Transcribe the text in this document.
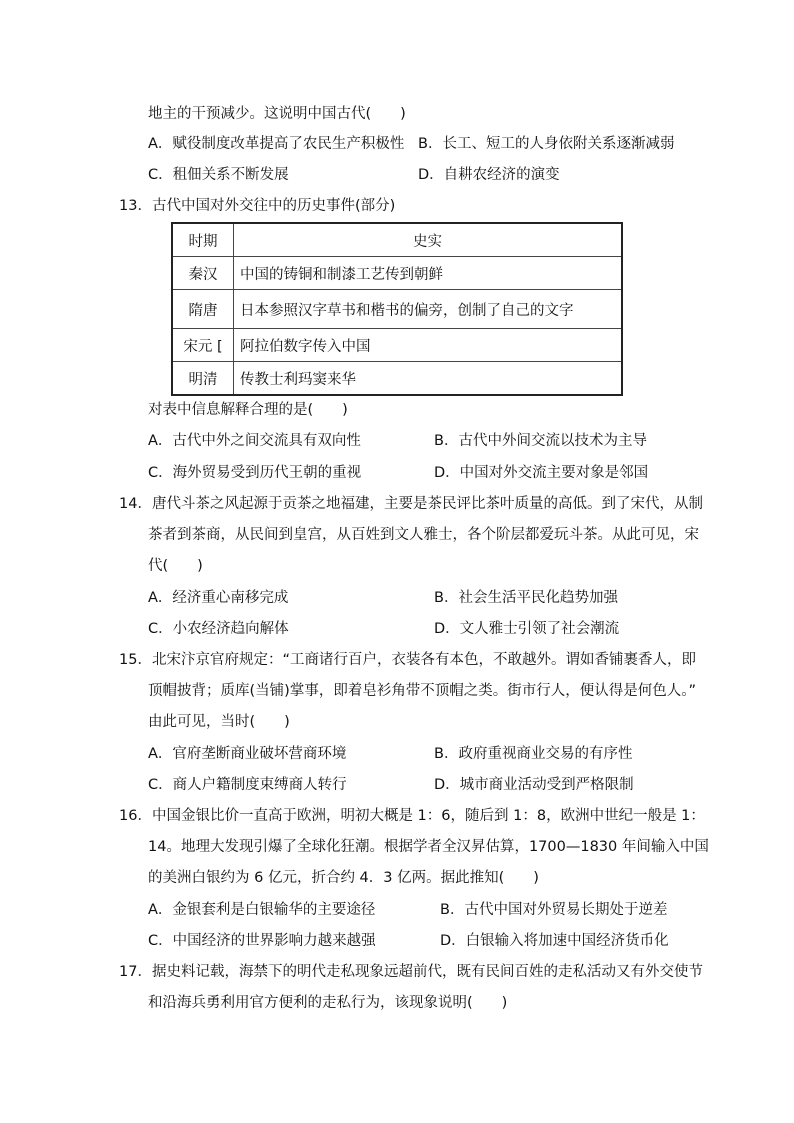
地主的干预减少。这说明中国古代(　　)
A．赋役制度改革提高了农民生产积极性 B．长工、短工的人身依附关系逐渐减弱
C．租佃关系不断发展	D．自耕农经济的演变
13．古代中国对外交往中的历史事件(部分)
时期	史实
秦汉	中国的铸铜和制漆工艺传到朝鲜
隋唐	日本参照汉字草书和楷书的偏旁，创制了自己的文字
宋元 [	阿拉伯数字传入中国
明清	传教士利玛窦来华
对表中信息解释合理的是(　　)
A．古代中外之间交流具有双向性	B．古代中外间交流以技术为主导
C．海外贸易受到历代王朝的重视	D．中国对外交流主要对象是邻国
14．唐代斗茶之风起源于贡茶之地福建，主要是茶民评比茶叶质量的高低。到了宋代，从制
茶者到茶商，从民间到皇宫，从百姓到文人雅士，各个阶层都爱玩斗茶。从此可见，宋
代(　　)
A．经济重心南移完成	B．社会生活平民化趋势加强
C．小农经济趋向解体	D．文人雅士引领了社会潮流
15．北宋汴京官府规定：“工商诸行百户，衣装各有本色，不敢越外。谓如香铺裹香人，即
顶帽披背；质库(当铺)掌事，即着皂衫角带不顶帽之类。街市行人，便认得是何色人。”
由此可见，当时(　　)
A．官府垄断商业破坏营商环境	B．政府重视商业交易的有序性
C．商人户籍制度束缚商人转行	D．城市商业活动受到严格限制
16．中国金银比价一直高于欧洲，明初大概是 1：6，随后到 1：8，欧洲中世纪一般是 1：
14。地理大发现引爆了全球化狂潮。根据学者全汉昇估算，1700—1830 年间输入中国
的美洲白银约为 6 亿元，折合约 4．3 亿两。据此推知(　　)
A．金银套利是白银输华的主要途径	B．古代中国对外贸易长期处于逆差
C．中国经济的世界影响力越来越强	D．白银输入将加速中国经济货币化
17．据史料记载，海禁下的明代走私现象远超前代，既有民间百姓的走私活动又有外交使节
和沿海兵勇利用官方便利的走私行为，该现象说明(　　)
